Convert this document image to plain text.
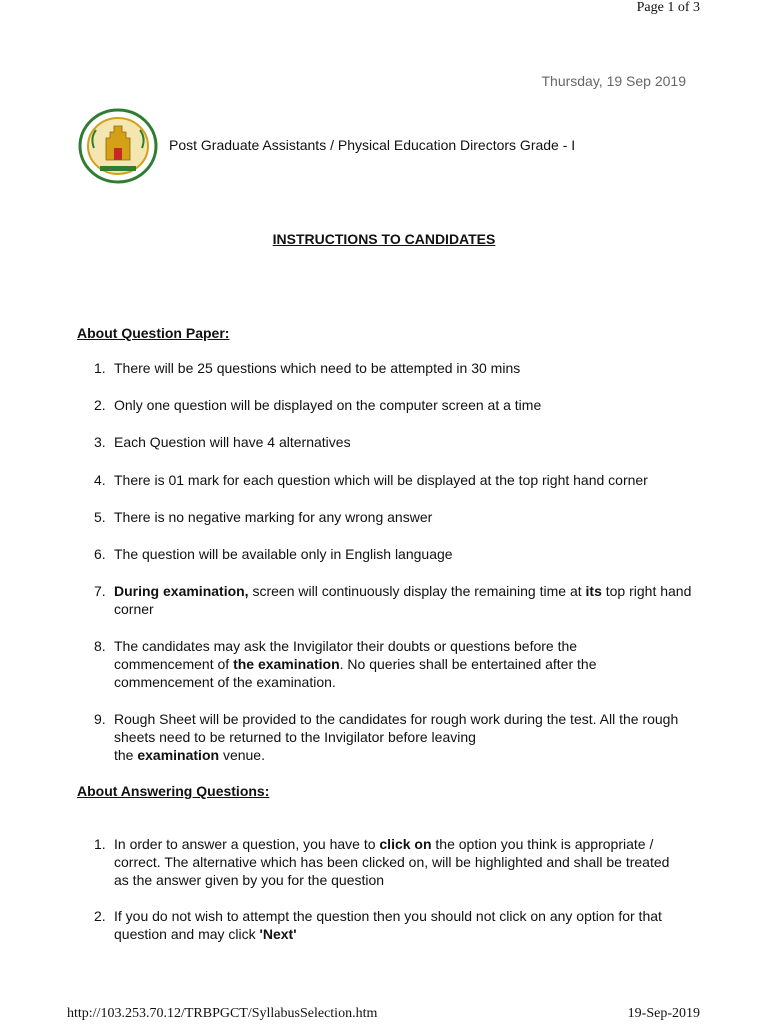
Page 1 of 3
Thursday, 19 Sep 2019
Post Graduate Assistants / Physical Education Directors Grade - I
INSTRUCTIONS TO CANDIDATES
About Question Paper:
1. There will be 25 questions which need to be attempted in 30 mins
2. Only one question will be displayed on the computer screen at a time
3. Each Question will have 4 alternatives
4. There is 01 mark for each question which will be displayed at the top right hand corner
5. There is no negative marking for any wrong answer
6. The question will be available only in English language
7. During examination, screen will continuously display the remaining time at its top right hand corner
8. The candidates may ask the Invigilator their doubts or questions before the commencement of the examination. No queries shall be entertained after the commencement of the examination.
9. Rough Sheet will be provided to the candidates for rough work during the test. All the rough sheets need to be returned to the Invigilator before leaving
the examination venue.
About Answering Questions:
1. In order to answer a question, you have to click on the option you think is appropriate / correct. The alternative which has been clicked on, will be highlighted and shall be treated as the answer given by you for the question
2. If you do not wish to attempt the question then you should not click on any option for that question and may click 'Next'
http://103.253.70.12/TRBPGCT/SyllabusSelection.htm	19-Sep-2019
